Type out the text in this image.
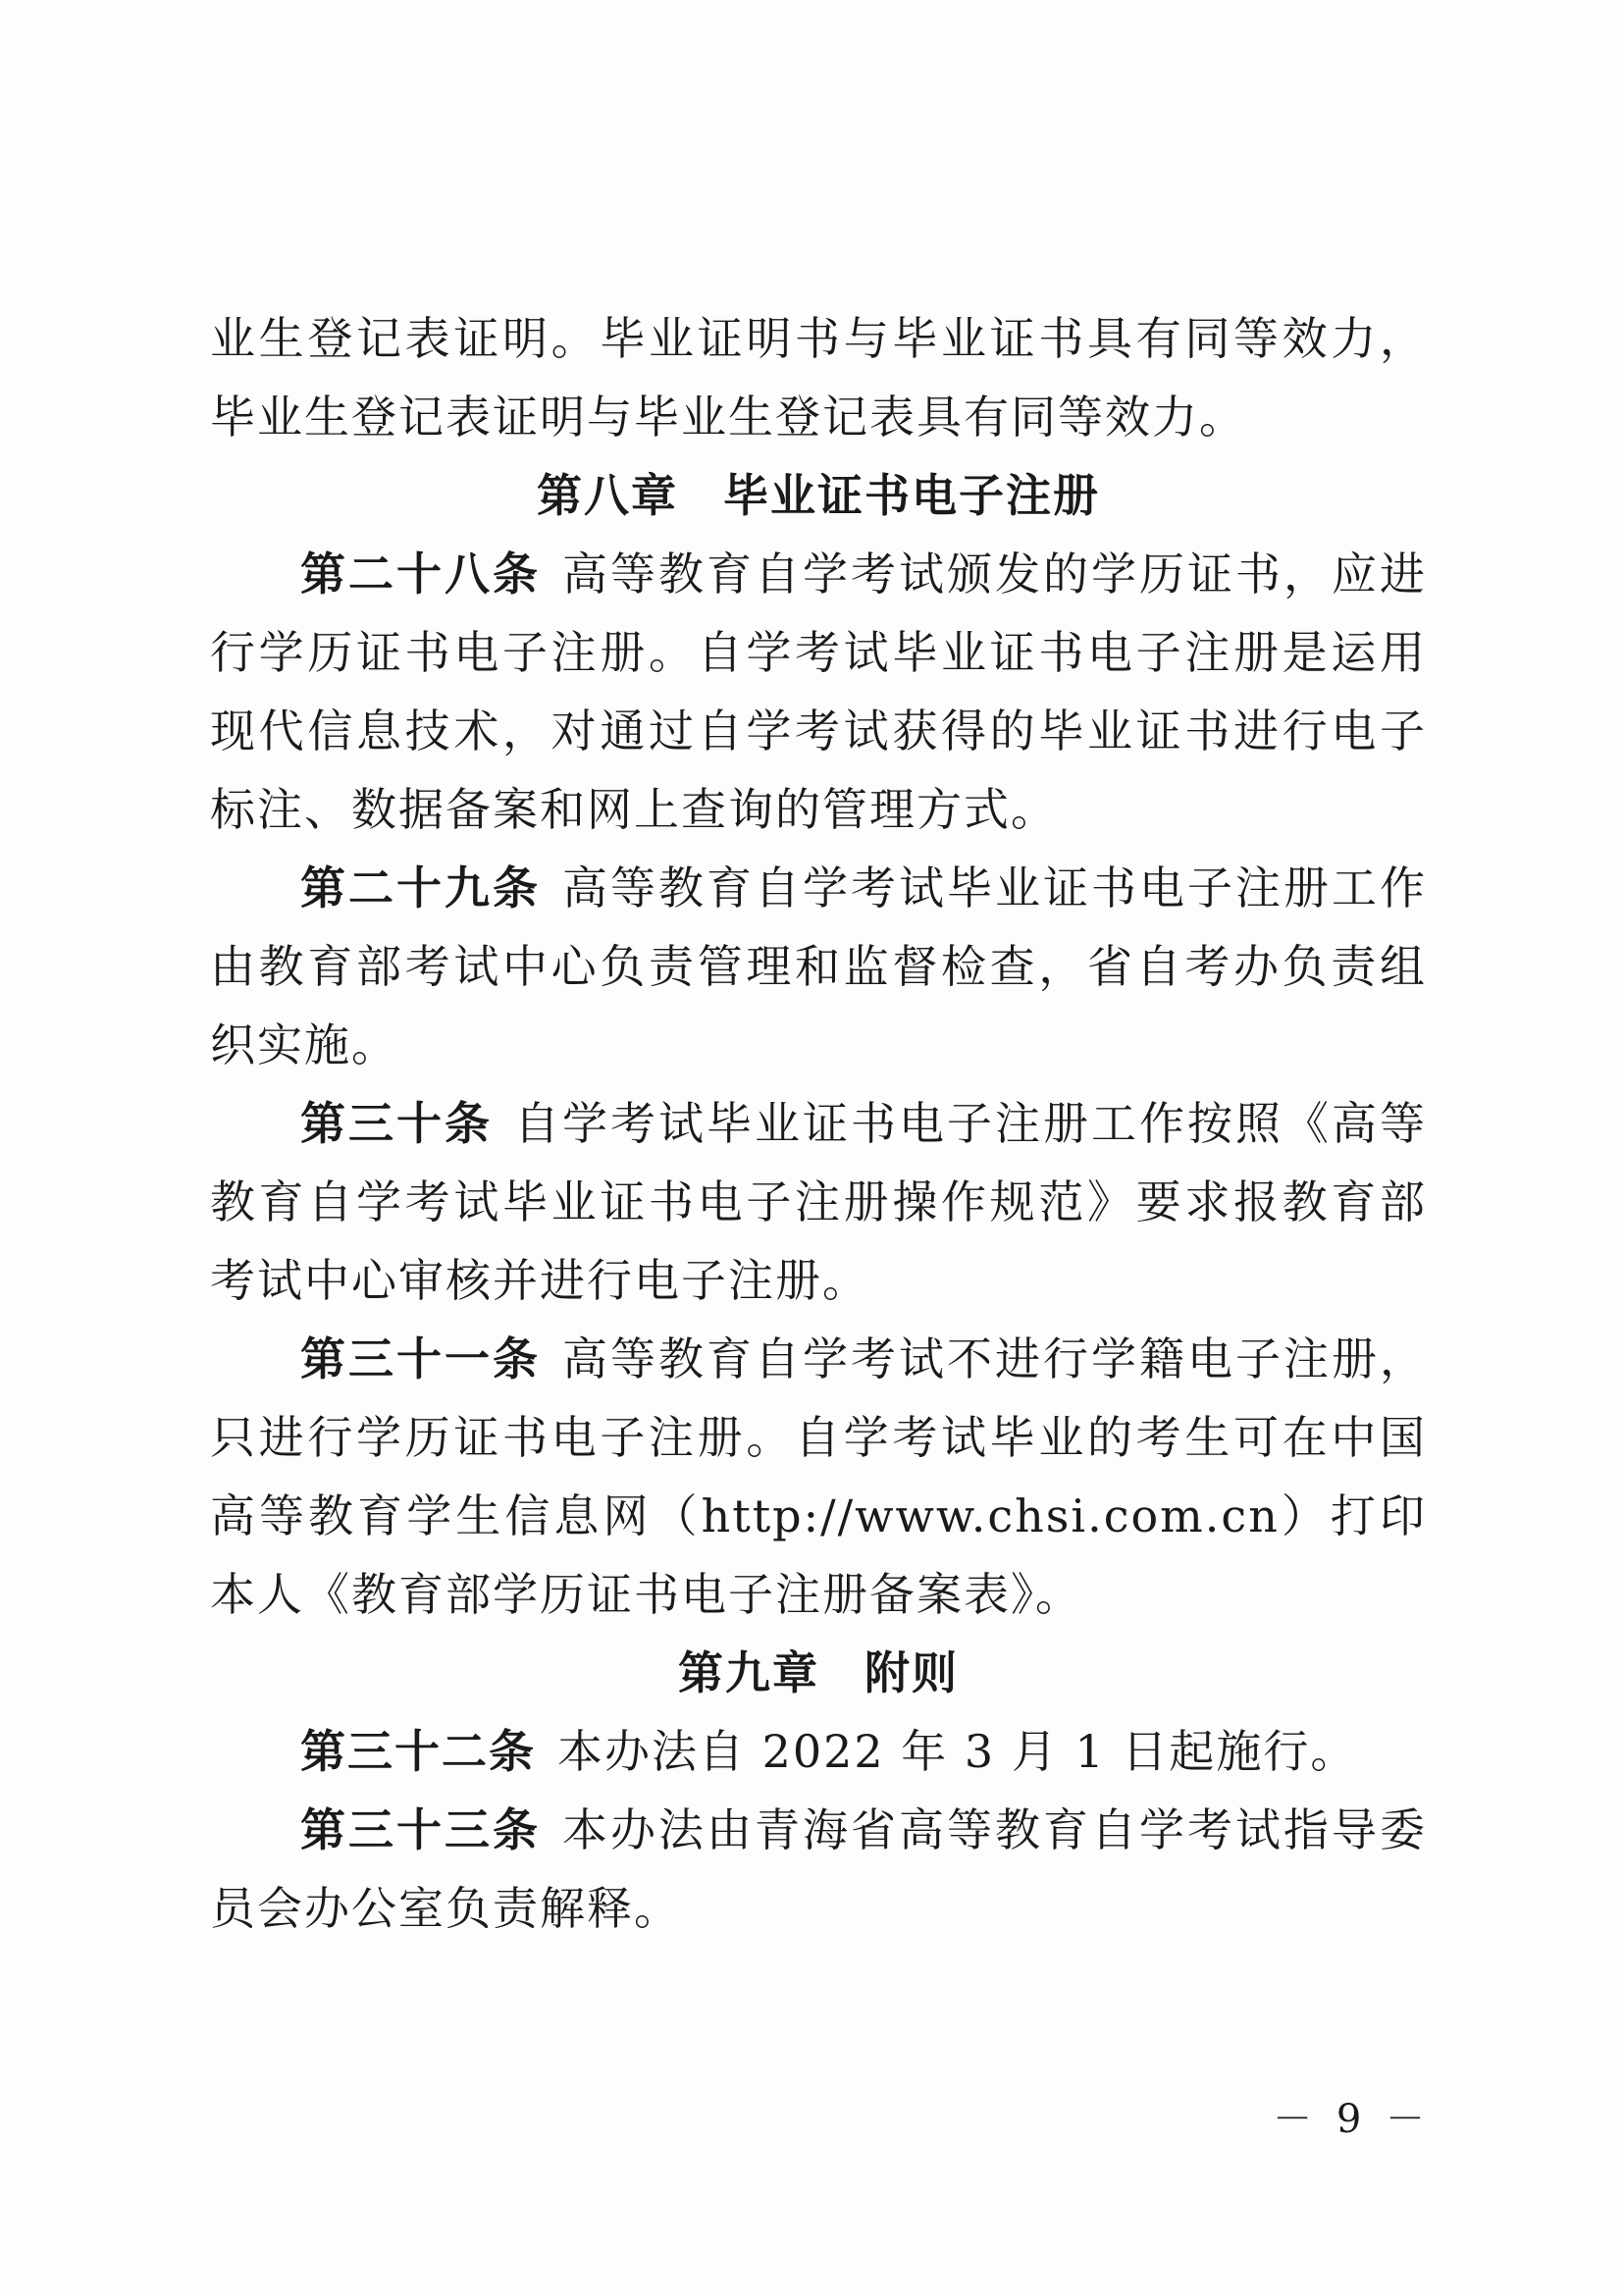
业生登记表证明。毕业证明书与毕业证书具有同等效力，毕业生登记表证明与毕业生登记表具有同等效力。

第八章 毕业证书电子注册

第二十八条 高等教育自学考试颁发的学历证书，应进行学历证书电子注册。自学考试毕业证书电子注册是运用现代信息技术，对通过自学考试获得的毕业证书进行电子标注、数据备案和网上查询的管理方式。

第二十九条 高等教育自学考试毕业证书电子注册工作由教育部考试中心负责管理和监督检查，省自考办负责组织实施。

第三十条 自学考试毕业证书电子注册工作按照《高等教育自学考试毕业证书电子注册操作规范》要求报教育部考试中心审核并进行电子注册。

第三十一条 高等教育自学考试不进行学籍电子注册，只进行学历证书电子注册。自学考试毕业的考生可在中国高等教育学生信息网（http://www.chsi.com.cn）打印本人《教育部学历证书电子注册备案表》。

第九章 附则

第三十二条 本办法自 2022 年 3 月 1 日起施行。

第三十三条 本办法由青海省高等教育自学考试指导委员会办公室负责解释。

－ 9 －
